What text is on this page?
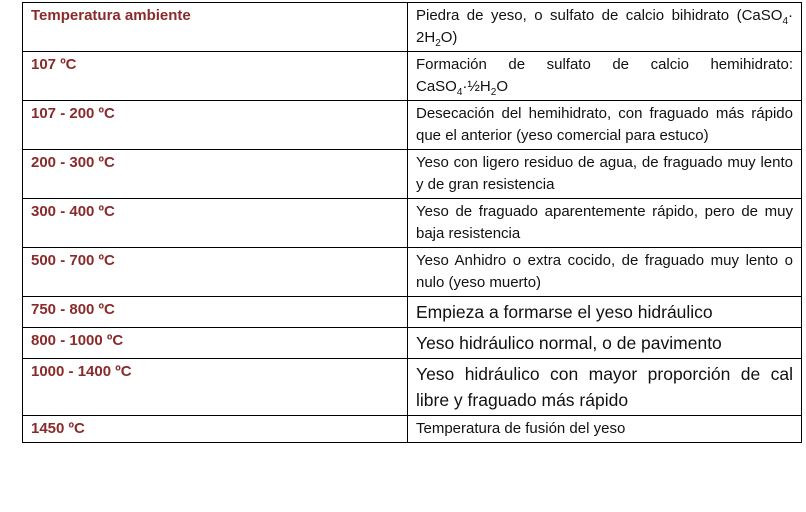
Temperatura ambiente	Piedra de yeso, o sulfato de calcio bihidrato (CaSO$_4$· $2H_2O$)
107 ºC	Formación de sulfato de calcio hemihidrato: $CaSO_4\cdot\frac{1}{2}H_2O$
107 - 200 ºC	Desecación del hemihidrato, con fraguado más rápido que el anterior (yeso comercial para estuco)
200 - 300 ºC	Yeso con ligero residuo de agua, de fraguado muy lento y de gran resistencia
300 - 400 ºC	Yeso de fraguado aparentemente rápido, pero de muy baja resistencia
500 - 700 ºC	Yeso Anhidro o extra cocido, de fraguado muy lento o nulo (yeso muerto)
750 - 800 ºC	Empieza a formarse el yeso hidráulico
800 - 1000 ºC	Yeso hidráulico normal, o de pavimento
1000 - 1400 ºC	Yeso hidráulico con mayor proporción de cal libre y fraguado más rápido
1450 ºC	Temperatura de fusión del yeso
